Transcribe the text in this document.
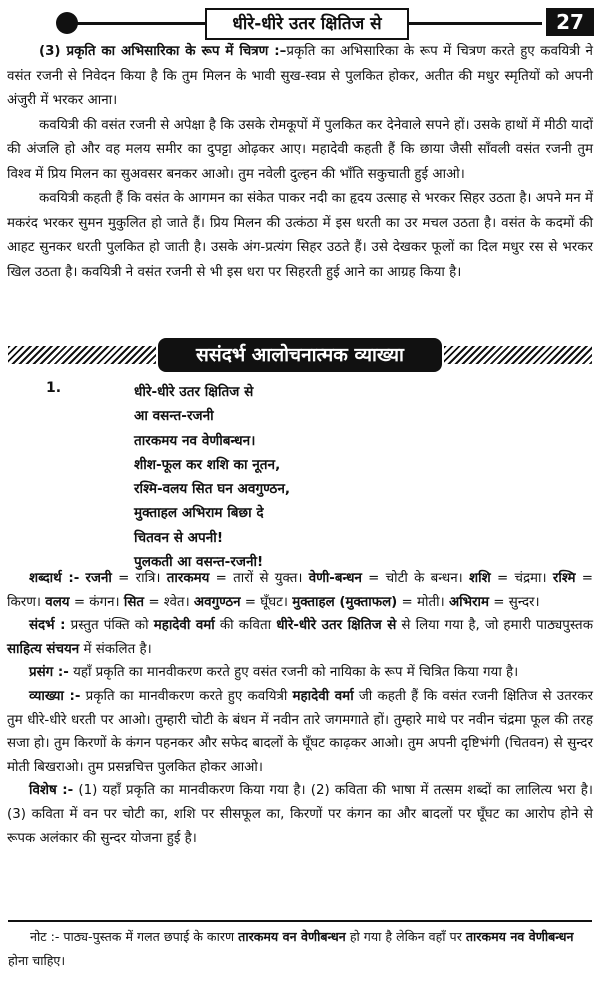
धीरे-धीरे उतर क्षितिज से	27

(3) प्रकृति का अभिसारिका के रूप में चित्रण :–प्रकृति का अभिसारिका के रूप में चित्रण करते हुए कवयित्री ने वसंत रजनी से निवेदन किया है कि तुम मिलन के भावी सुख-स्वप्न से पुलकित होकर, अतीत की मधुर स्मृतियों को अपनी अंजुरी में भरकर आना।

कवयित्री की वसंत रजनी से अपेक्षा है कि उसके रोमकूपों में पुलकित कर देनेवाले सपने हों। उसके हाथों में मीठी यादों की अंजलि हो और वह मलय समीर का दुपट्टा ओढ़कर आए। महादेवी कहती हैं कि छाया जैसी साँवली वसंत रजनी तुम विश्व में प्रिय मिलन का सुअवसर बनकर आओ। तुम नवेली दुल्हन की भाँति सकुचाती हुई आओ।

कवयित्री कहती हैं कि वसंत के आगमन का संकेत पाकर नदी का हृदय उत्साह से भरकर सिहर उठता है। अपने मन में मकरंद भरकर सुमन मुकुलित हो जाते हैं। प्रिय मिलन की उत्कंठा में इस धरती का उर मचल उठता है। वसंत के कदमों की आहट सुनकर धरती पुलकित हो जाती है। उसके अंग-प्रत्यंग सिहर उठते हैं। उसे देखकर फूलों का दिल मधुर रस से भरकर खिल उठता है। कवयित्री ने वसंत रजनी से भी इस धरा पर सिहरती हुई आने का आग्रह किया है।

ससंदर्भ आलोचनात्मक व्याख्या
1.	धीरे-धीरे उतर क्षितिज से
आ वसन्त-रजनी
तारकमय नव वेणीबन्धन।
शीश-फूल कर शशि का नूतन,
रश्मि-वलय सित घन अवगुण्ठन,
मुक्ताहल अभिराम बिछा दे
चितवन से अपनी!
पुलकती आ वसन्त-रजनी!

शब्दार्थ :- रजनी = रात्रि। तारकमय = तारों से युक्त। वेणी-बन्धन = चोटी के बन्धन। शशि = चंद्रमा। रश्मि = किरण। वलय = कंगन। सित = श्वेत। अवगुण्ठन = घूँघट। मुक्ताहल (मुक्ताफल) = मोती। अभिराम = सुन्दर।

संदर्भ : प्रस्तुत पंक्ति को महादेवी वर्मा की कविता धीरे-धीरे उतर क्षितिज से से लिया गया है, जो हमारी पाठ्यपुस्तक साहित्य संचयन में संकलित है।

प्रसंग :- यहाँ प्रकृति का मानवीकरण करते हुए वसंत रजनी को नायिका के रूप में चित्रित किया गया है।

व्याख्या :- प्रकृति का मानवीकरण करते हुए कवयित्री महादेवी वर्मा जी कहती हैं कि वसंत रजनी क्षितिज से उतरकर तुम धीरे-धीरे धरती पर आओ। तुम्हारी चोटी के बंधन में नवीन तारे जगमगाते हों। तुम्हारे माथे पर नवीन चंद्रमा फूल की तरह सजा हो। तुम किरणों के कंगन पहनकर और सफेद बादलों के घूँघट काढ़कर आओ। तुम अपनी दृष्टिभंगी (चितवन) से सुन्दर मोती बिखराओ। तुम प्रसन्नचित्त पुलकित होकर आओ।

विशेष :- (1) यहाँ प्रकृति का मानवीकरण किया गया है। (2) कविता की भाषा में तत्सम शब्दों का लालित्य भरा है। (3) कविता में वन पर चोटी का, शशि पर सीसफूल का, किरणों पर कंगन का और बादलों पर घूँघट का आरोप होने से रूपक अलंकार की सुन्दर योजना हुई है।

नोट :- पाठ्य-पुस्तक में गलत छपाई के कारण तारकमय वन वेणीबन्धन हो गया है लेकिन वहाँ पर तारकमय नव वेणीबन्धन होना चाहिए।
